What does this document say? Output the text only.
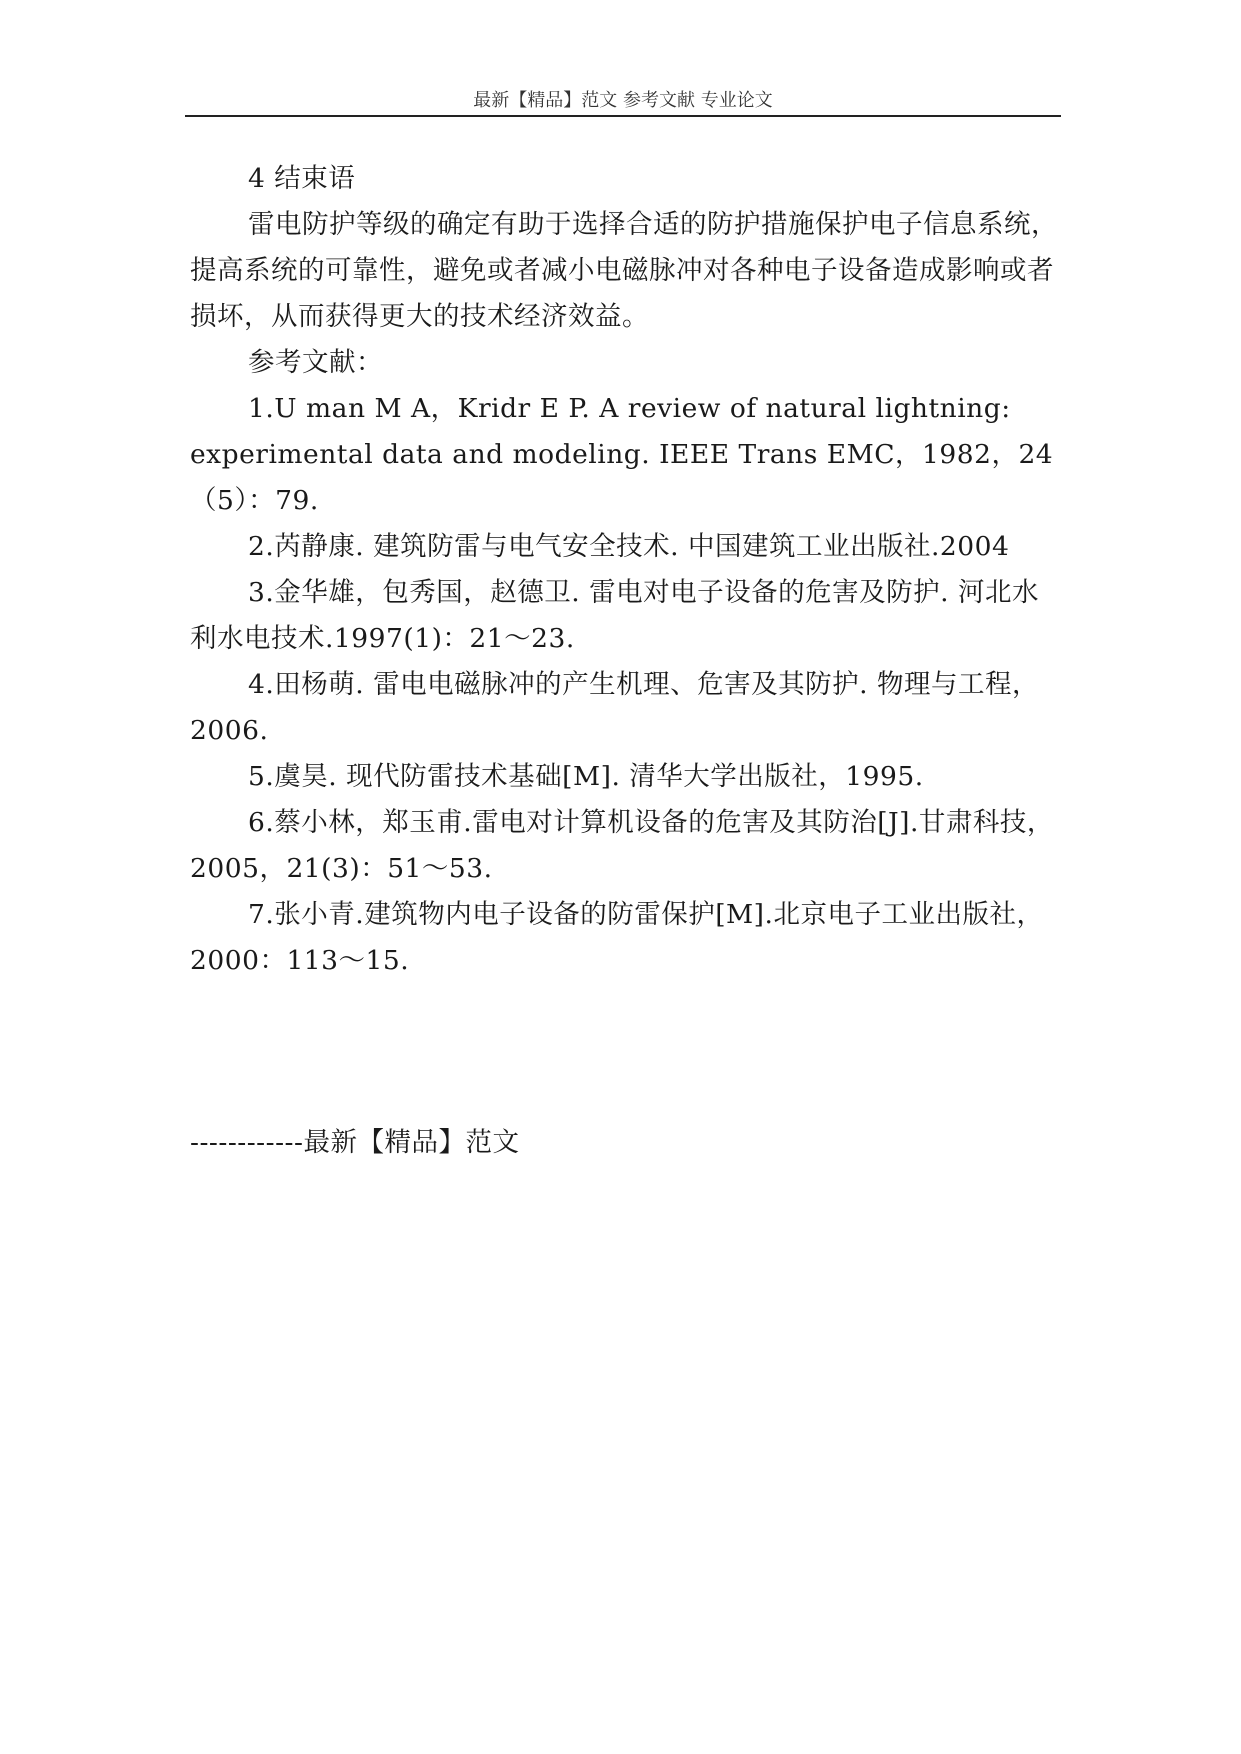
最新【精品】范文 参考文献 专业论文

4 结束语

雷电防护等级的确定有助于选择合适的防护措施保护电子信息系统，提高系统的可靠性，避免或者减小电磁脉冲对各种电子设备造成影响或者损坏，从而获得更大的技术经济效益。

参考文献：

1.U man M A，Kridr E P. A review of natural lightning: experimental data and modeling. IEEE Trans EMC，1982，24（5）：79.

2.芮静康. 建筑防雷与电气安全技术. 中国建筑工业出版社.2004

3.金华雄，包秀国，赵德卫. 雷电对电子设备的危害及防护. 河北水利水电技术.1997(1)：21～23.

4.田杨萌. 雷电电磁脉冲的产生机理、危害及其防护. 物理与工程，2006.

5.虞昊. 现代防雷技术基础[M]. 清华大学出版社，1995.

6.蔡小林，郑玉甫.雷电对计算机设备的危害及其防治[J].甘肃科技，2005，21(3)：51～53.

7.张小青.建筑物内电子设备的防雷保护[M].北京电子工业出版社，2000：113～15.

------------最新【精品】范文
